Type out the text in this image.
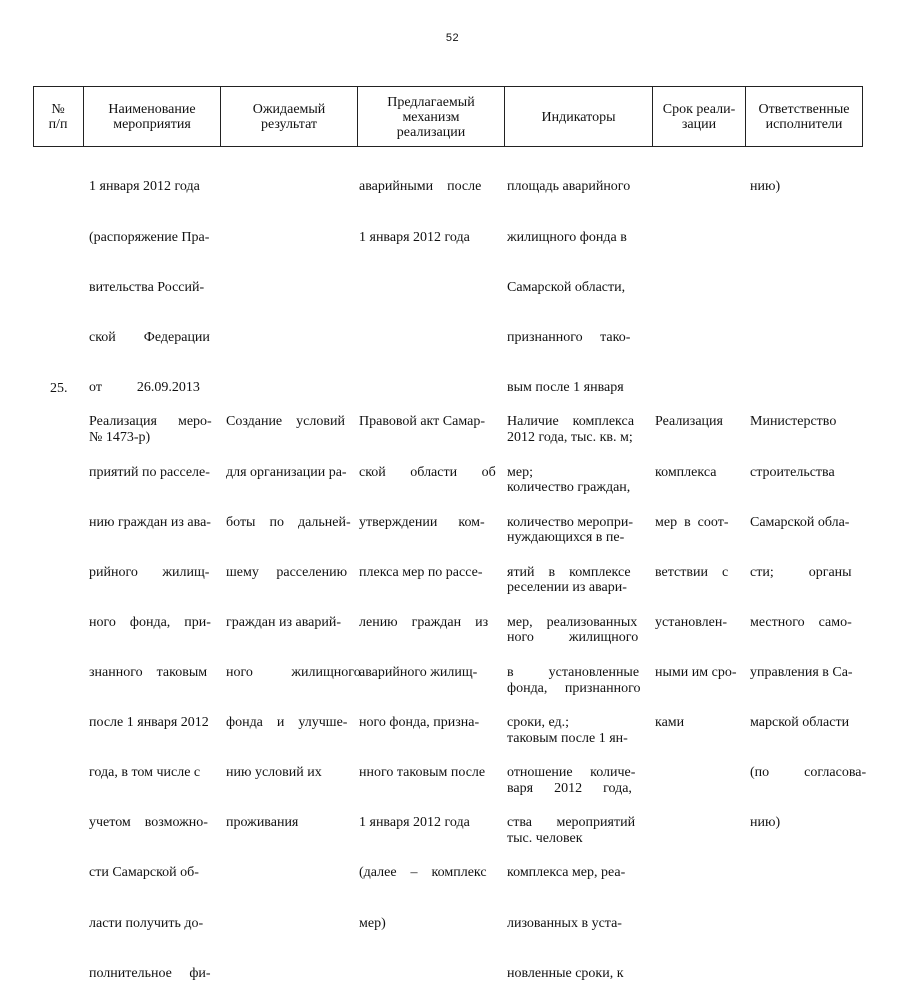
52
№
п/п
Наименование
мероприятия
Ожидаемый
результат
Предлагаемый
механизм
реализации
Индикаторы	Срок реали-
зации
Ответственные
исполнители

1 января 2012 года

(распоряжение Пра-

вительства Россий-

ской        Федерации

от          26.09.2013

№ 1473-р)

аварийными    после

1 января 2012 года

площадь аварийного

жилищного фонда в

Самарской области,

признанного     тако-

вым после 1 января

2012 года, тыс. кв. м;

количество граждан,

нуждающихся в пе-

реселении из авари-

ного          жилищного

фонда,     признанного

таковым после 1 ян-

варя      2012      года,

тыс. человек

нию)

25.

Реализация      меро-

приятий по расселе-

нию граждан из ава-

рийного       жилищ-

ного    фонда,    при-

знанного    таковым

после 1 января 2012

года, в том числе с

учетом    возможно-

сти Самарской об-

ласти получить до-

полнительное     фи-

Создание    условий

для организации ра-

боты    по    дальней-

шему     расселению

граждан из аварий-

ного           жилищного

фонда    и    улучше-

нию условий их

проживания

Правовой акт Самар-

ской       области       об

утверждении      ком-

плекса мер по рассе-

лению    граждан    из

аварийного жилищ-

ного фонда, призна-

нного таковым после

1 января 2012 года

(далее    –    комплекс

мер)

Наличие    комплекса

мер;

количество меропри-

ятий    в    комплексе

мер,    реализованных

в          установленные

сроки, ед.;

отношение     количе-

ства       мероприятий

комплекса мер, реа-

лизованных в уста-

новленные сроки, к

Реализация

комплекса

мер  в  соот-

ветствии    с

установлен-

ными им сро-

ками

Министерство

строительства

Самарской обла-

сти;          органы

местного    само-

управления в Са-

марской области

(по          согласова-

нию)
